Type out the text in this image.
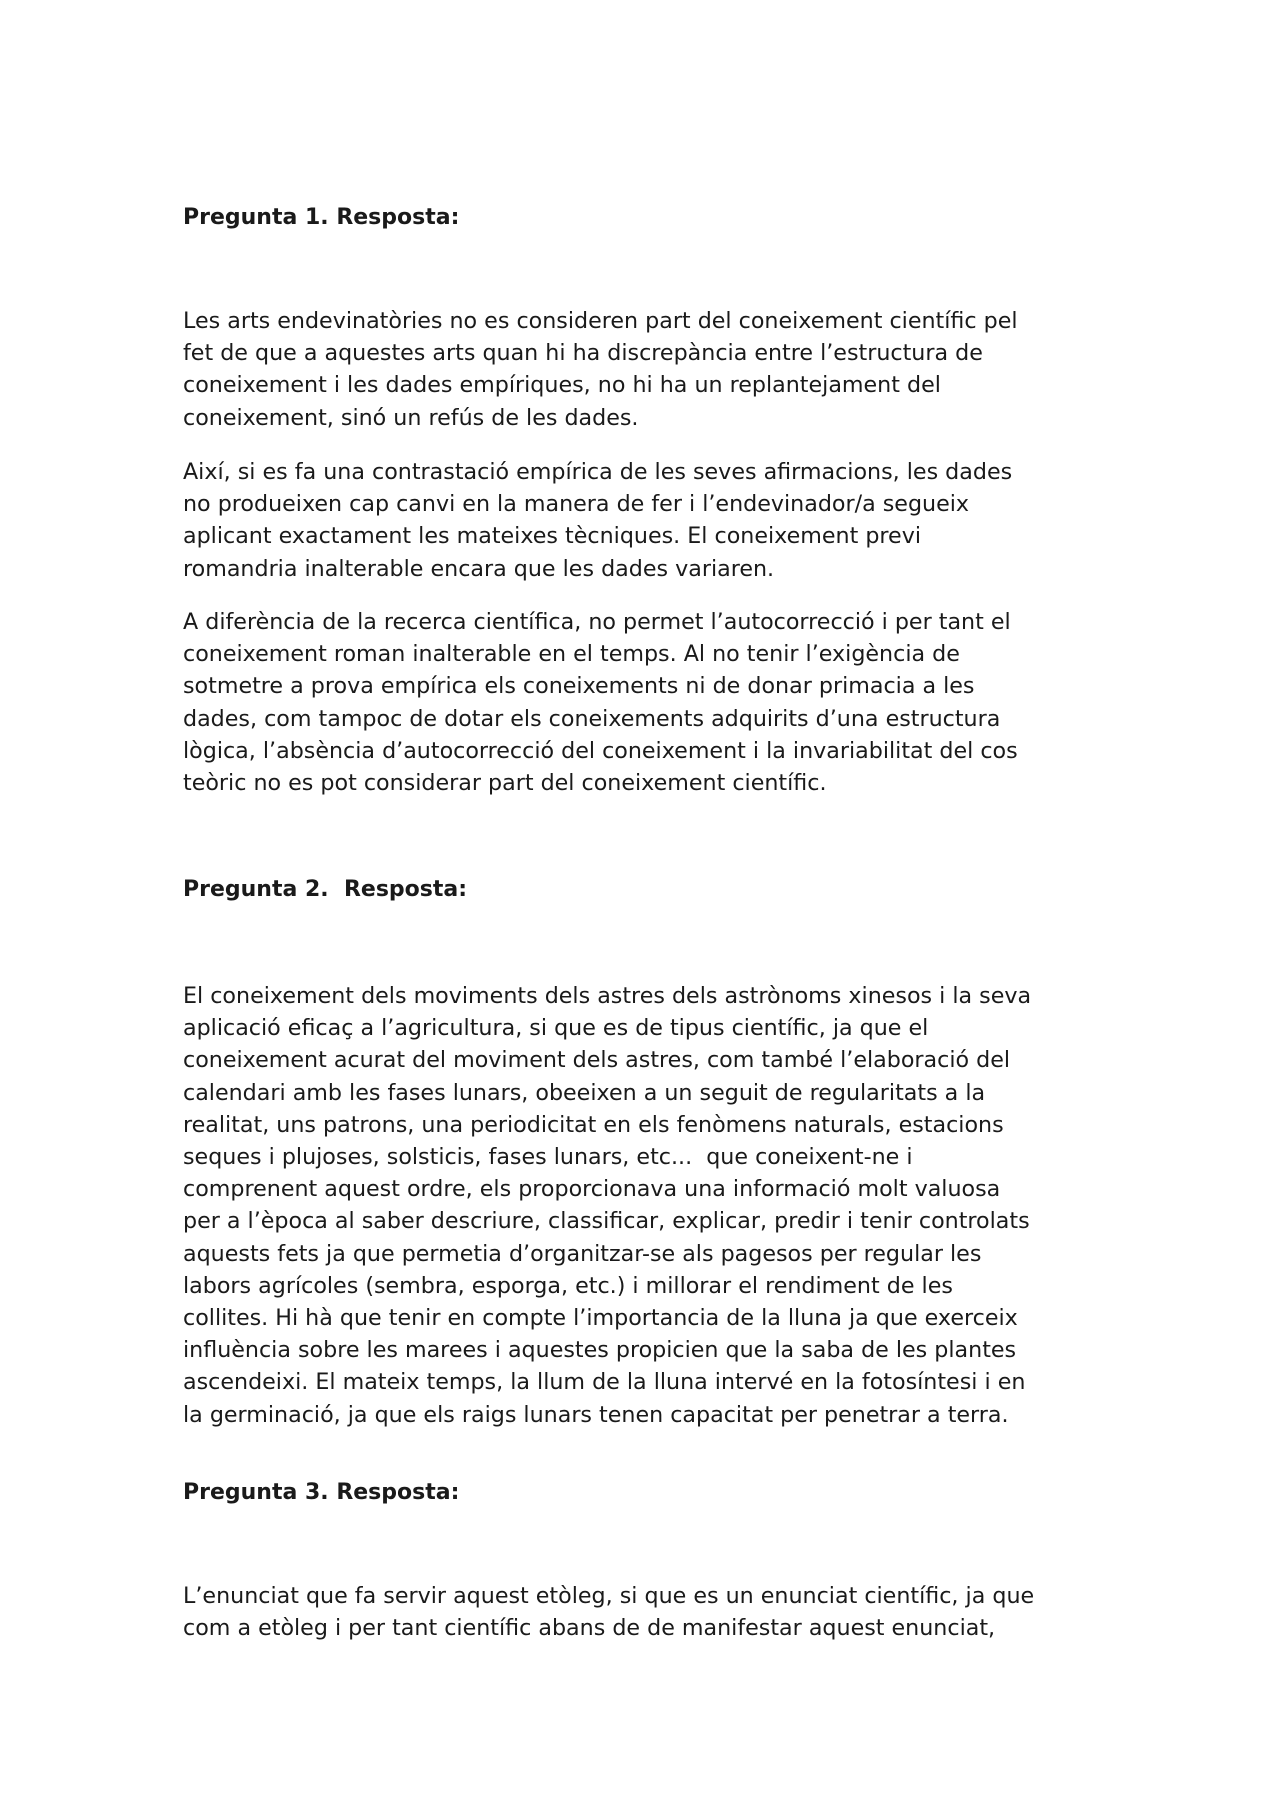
Pregunta 1. Resposta:

Les arts endevinatòries no es consideren part del coneixement científic pel
fet de que a aquestes arts quan hi ha discrepància entre l’estructura de
coneixement i les dades empíriques, no hi ha un replantejament del
coneixement, sinó un refús de les dades.

Així, si es fa una contrastació empírica de les seves afirmacions, les dades
no produeixen cap canvi en la manera de fer i l’endevinador/a segueix
aplicant exactament les mateixes tècniques. El coneixement previ
romandria inalterable encara que les dades variaren.

A diferència de la recerca científica, no permet l’autocorrecció i per tant el
coneixement roman inalterable en el temps. Al no tenir l’exigència de
sotmetre a prova empírica els coneixements ni de donar primacia a les
dades, com tampoc de dotar els coneixements adquirits d’una estructura
lògica, l’absència d’autocorrecció del coneixement i la invariabilitat del cos
teòric no es pot considerar part del coneixement científic.

Pregunta 2.  Resposta:

El coneixement dels moviments dels astres dels astrònoms xinesos i la seva
aplicació eficaç a l’agricultura, si que es de tipus científic, ja que el
coneixement acurat del moviment dels astres, com també l’elaboració del
calendari amb les fases lunars, obeeixen a un seguit de regularitats a la
realitat, uns patrons, una periodicitat en els fenòmens naturals, estacions
seques i plujoses, solsticis, fases lunars, etc...  que coneixent-ne i
comprenent aquest ordre, els proporcionava una informació molt valuosa
per a l’època al saber descriure, classificar, explicar, predir i tenir controlats
aquests fets ja que permetia d’organitzar-se als pagesos per regular les
labors agrícoles (sembra, esporga, etc.) i millorar el rendiment de les
collites. Hi hà que tenir en compte l’importancia de la lluna ja que exerceix
influència sobre les marees i aquestes propicien que la saba de les plantes
ascendeixi. El mateix temps, la llum de la lluna intervé en la fotosíntesi i en
la germinació, ja que els raigs lunars tenen capacitat per penetrar a terra.

Pregunta 3. Resposta:

L’enunciat que fa servir aquest etòleg, si que es un enunciat científic, ja que
com a etòleg i per tant científic abans de de manifestar aquest enunciat,
